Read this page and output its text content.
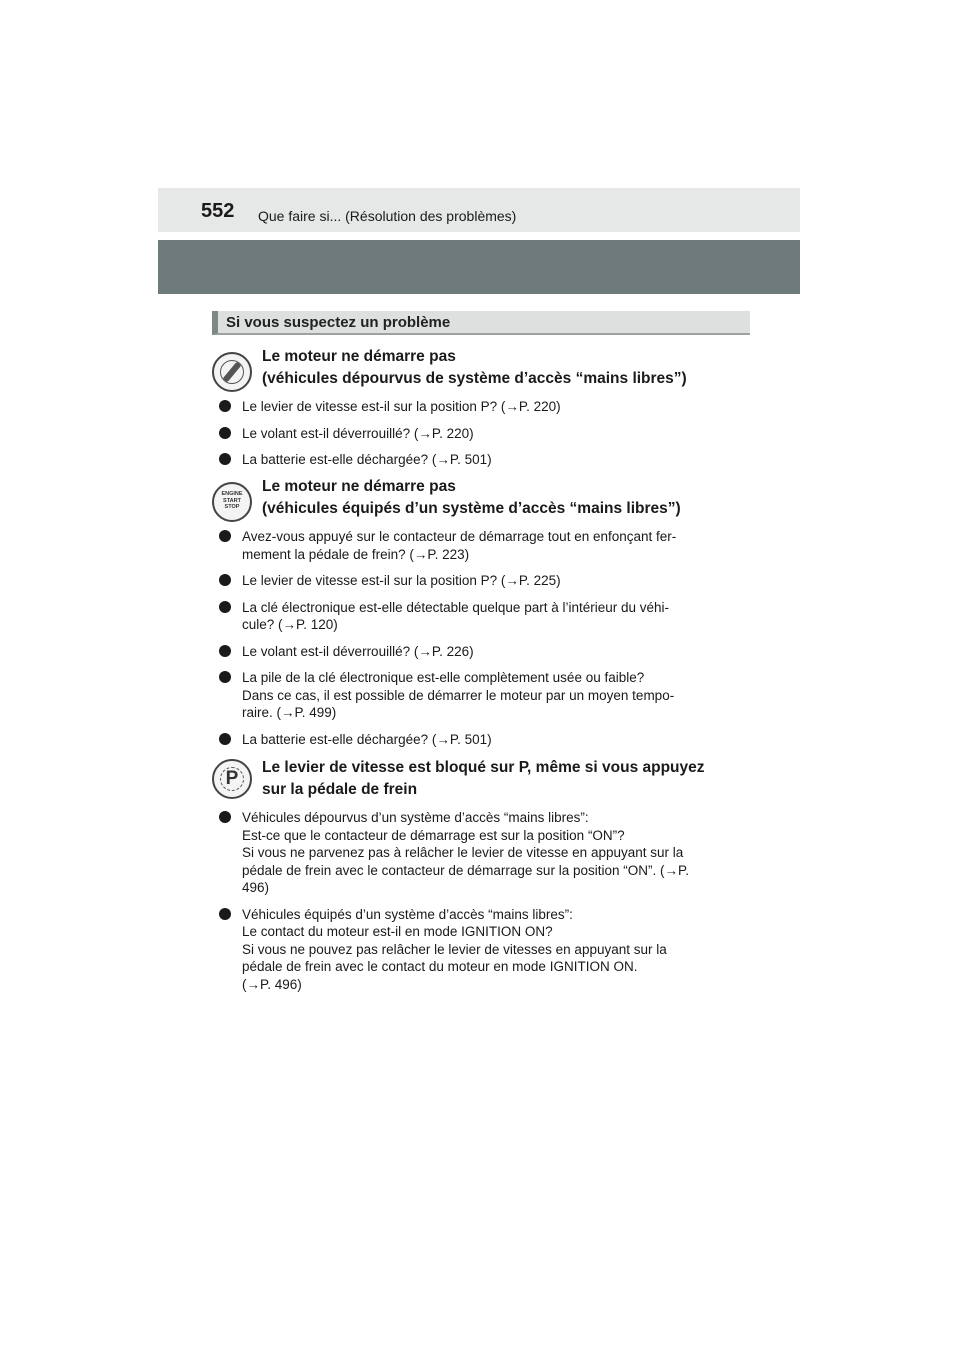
552 Que faire si... (Résolution des problèmes)
Si vous suspectez un problème
Le moteur ne démarre pas
(véhicules dépourvus de système d’accès “mains libres”)
Le levier de vitesse est-il sur la position P? (→P. 220)
Le volant est-il déverrouillé? (→P. 220)
La batterie est-elle déchargée? (→P. 501)
ENGINE
START
STOP
Le moteur ne démarre pas
(véhicules équipés d’un système d’accès “mains libres”)
Avez-vous appuyé sur le contacteur de démarrage tout en enfonçant fer-
mement la pédale de frein? (→P. 223)
Le levier de vitesse est-il sur la position P? (→P. 225)
La clé électronique est-elle détectable quelque part à l’intérieur du véhi-
cule? (→P. 120)
Le volant est-il déverrouillé? (→P. 226)
La pile de la clé électronique est-elle complètement usée ou faible?
Dans ce cas, il est possible de démarrer le moteur par un moyen tempo-
raire. (→P. 499)
La batterie est-elle déchargée? (→P. 501)
P
Le levier de vitesse est bloqué sur P, même si vous appuyez
sur la pédale de frein
Véhicules dépourvus d’un système d’accès “mains libres”:
Est-ce que le contacteur de démarrage est sur la position “ON”?
Si vous ne parvenez pas à relâcher le levier de vitesse en appuyant sur la
pédale de frein avec le contacteur de démarrage sur la position “ON”. (→P.
496)
Véhicules équipés d’un système d’accès “mains libres”:
Le contact du moteur est-il en mode IGNITION ON?
Si vous ne pouvez pas relâcher le levier de vitesses en appuyant sur la
pédale de frein avec le contact du moteur en mode IGNITION ON.
(→P. 496)
